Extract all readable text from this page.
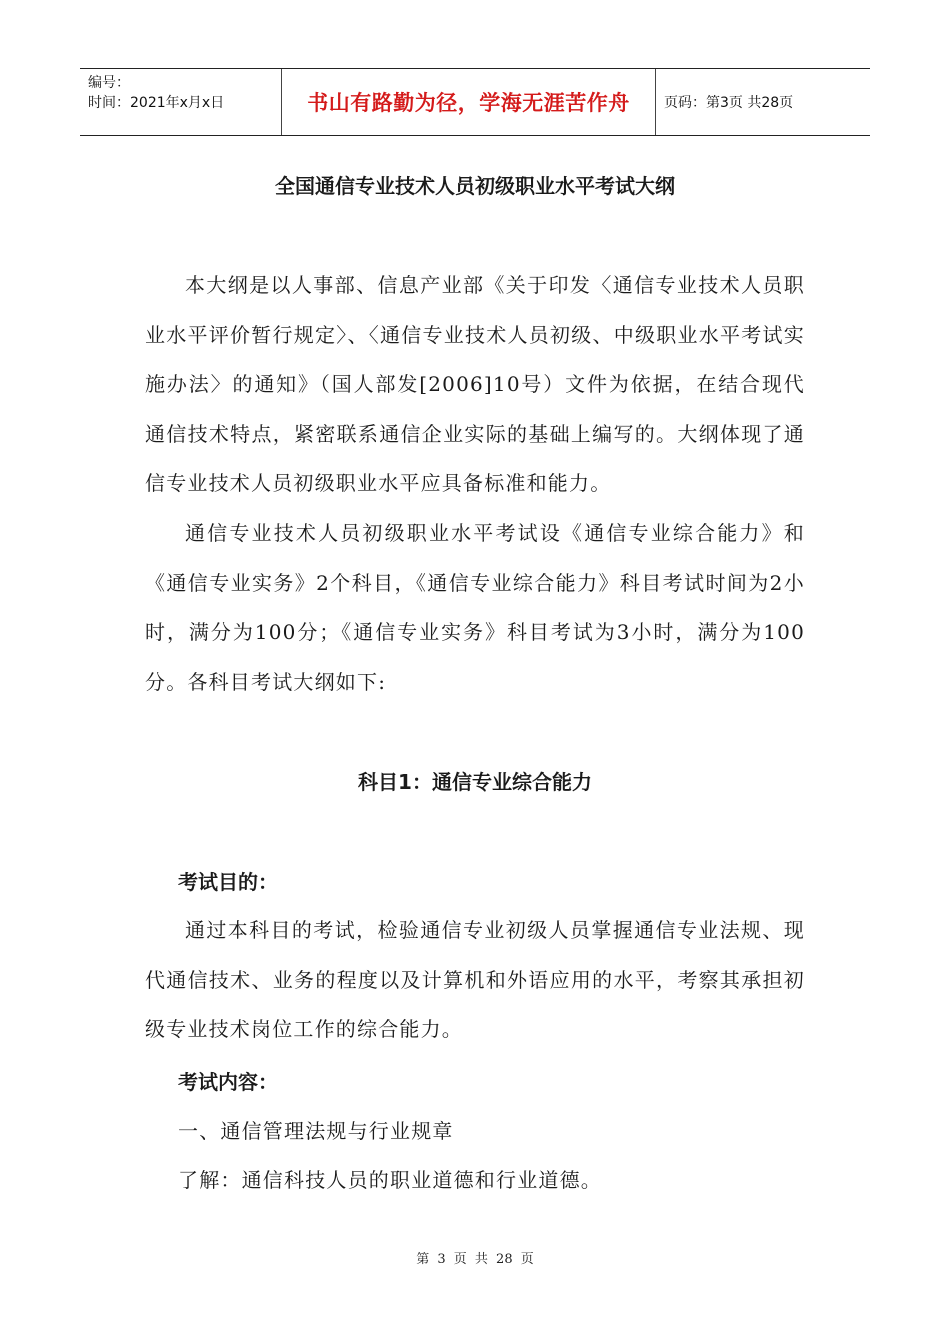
编号：
时间：2021年x月x日	书山有路勤为径，学海无涯苦作舟	页码：第3页 共28页
全国通信专业技术人员初级职业水平考试大纲

本大纲是以人事部、信息产业部《关于印发〈通信专业技术人员职业水平评价暂行规定〉、〈通信专业技术人员初级、中级职业水平考试实施办法〉的通知》（国人部发[2006]10号）文件为依据，在结合现代通信技术特点，紧密联系通信企业实际的基础上编写的。大纲体现了通信专业技术人员初级职业水平应具备标准和能力。

通信专业技术人员初级职业水平考试设《通信专业综合能力》和《通信专业实务》2个科目，《通信专业综合能力》科目考试时间为2小时，满分为100分；《通信专业实务》科目考试为3小时，满分为100分。各科目考试大纲如下:

科目1：通信专业综合能力
考试目的：

通过本科目的考试，检验通信专业初级人员掌握通信专业法规、现代通信技术、业务的程度以及计算机和外语应用的水平，考察其承担初级专业技术岗位工作的综合能力。

考试内容：
一、通信管理法规与行业规章
了解：通信科技人员的职业道德和行业道德。
第 3 页 共 28 页
